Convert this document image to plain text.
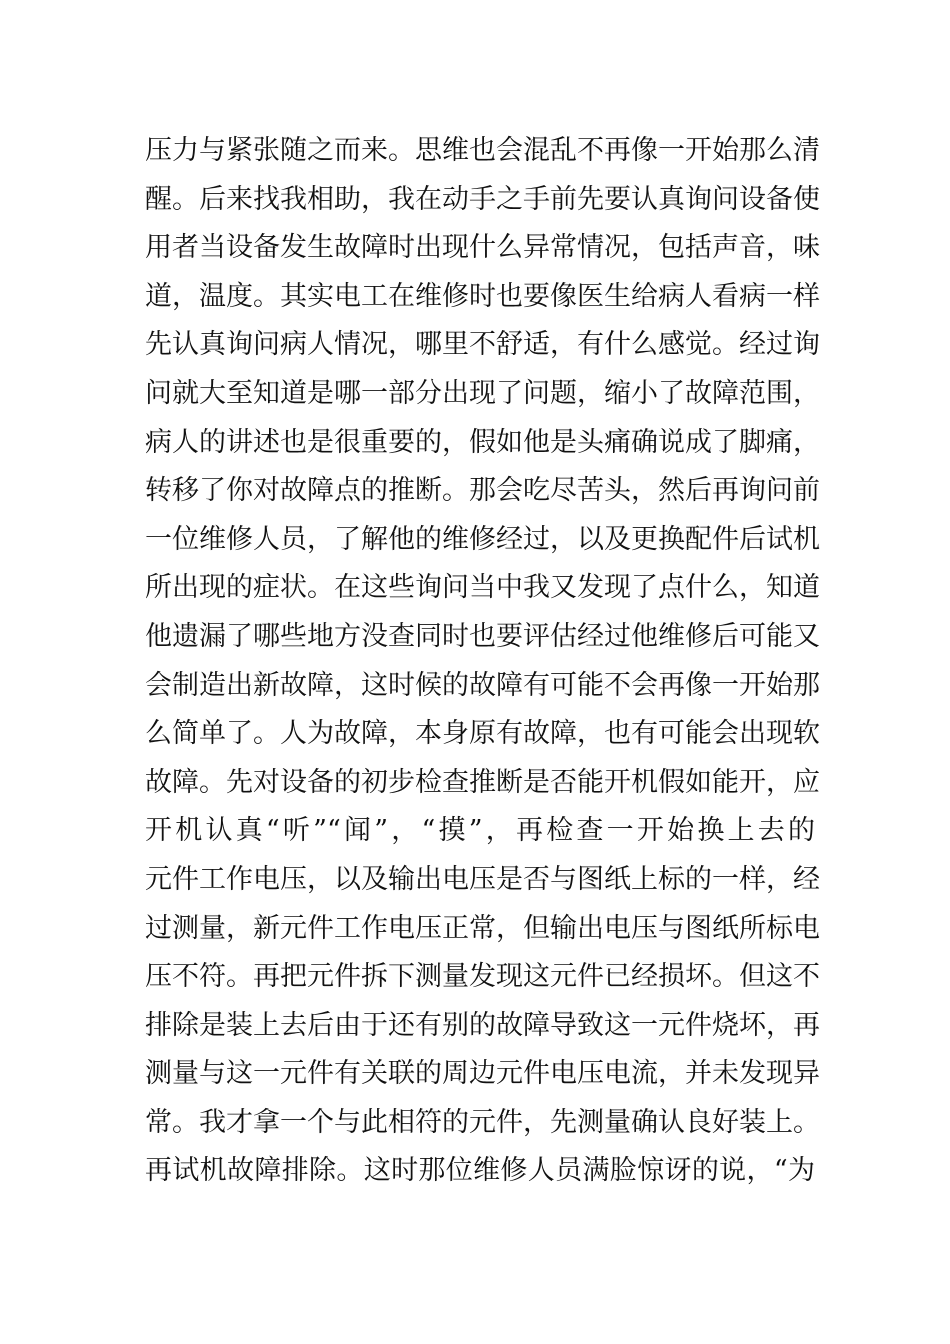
压力与紧张随之而来。思维也会混乱不再像一开始那么清
醒。后来找我相助，我在动手之手前先要认真询问设备使
用者当设备发生故障时出现什么异常情况，包括声音，味
道，温度。其实电工在维修时也要像医生给病人看病一样
先认真询问病人情况，哪里不舒适，有什么感觉。经过询
问就大至知道是哪一部分出现了问题，缩小了故障范围，
病人的讲述也是很重要的，假如他是头痛确说成了脚痛，
转移了你对故障点的推断。那会吃尽苦头，然后再询问前
一位维修人员，了解他的维修经过，以及更换配件后试机
所出现的症状。在这些询问当中我又发现了点什么，知道
他遗漏了哪些地方没查同时也要评估经过他维修后可能又
会制造出新故障，这时候的故障有可能不会再像一开始那
么简单了。人为故障，本身原有故障，也有可能会出现软
故障。先对设备的初步检查推断是否能开机假如能开，应
开机认真“听”“闻”，“摸”，再检查一开始换上去的
元件工作电压，以及输出电压是否与图纸上标的一样，经
过测量，新元件工作电压正常，但输出电压与图纸所标电
压不符。再把元件拆下测量发现这元件已经损坏。但这不
排除是装上去后由于还有别的故障导致这一元件烧坏，再
测量与这一元件有关联的周边元件电压电流，并未发现异
常。我才拿一个与此相符的元件，先测量确认良好装上。
再试机故障排除。这时那位维修人员满脸惊讶的说，“为
